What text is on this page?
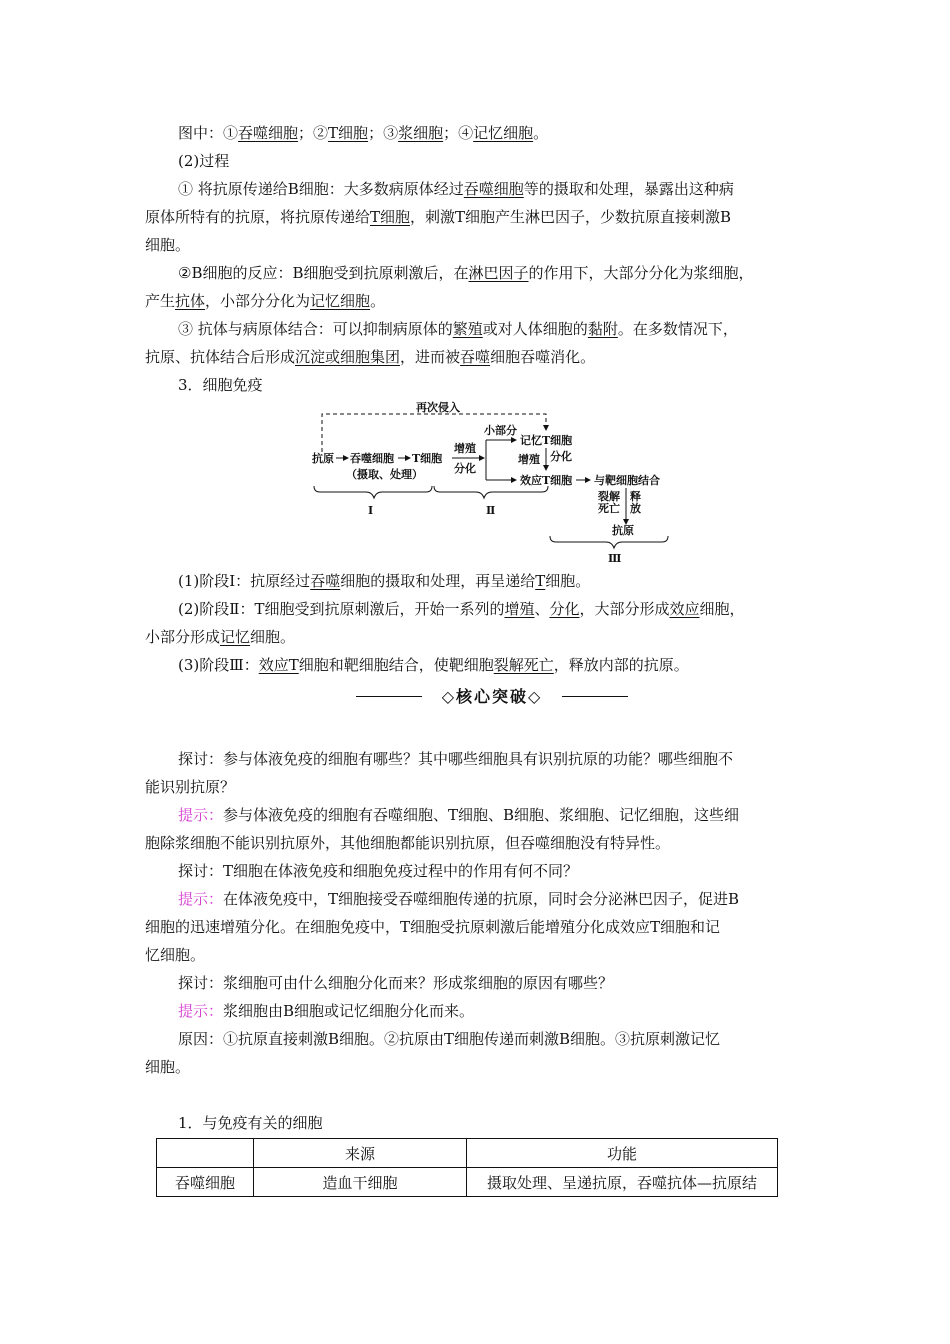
图中：①吞噬细胞；②T细胞；③浆细胞；④记忆细胞。
(2)过程
① 将抗原传递给B细胞：大多数病原体经过吞噬细胞等的摄取和处理，暴露出这种病
原体所特有的抗原，将抗原传递给T细胞，刺激T细胞产生淋巴因子，少数抗原直接刺激B
细胞。
②B细胞的反应：B细胞受到抗原刺激后，在淋巴因子的作用下，大部分分化为浆细胞，
产生抗体，小部分分化为记忆细胞。
③ 抗体与病原体结合：可以抑制病原体的繁殖或对人体细胞的黏附。在多数情况下，
抗原、抗体结合后形成沉淀或细胞集团，进而被吞噬细胞吞噬消化。
3．细胞免疫
再次侵入
抗原 吞噬细胞 T细胞
（摄取、处理）
增殖
分化
小部分
记忆T细胞
增殖 分化
效应T细胞 与靶细胞结合
裂解
死亡
释
放
抗原
Ⅰ	Ⅱ
Ⅲ
(1)阶段Ⅰ：抗原经过吞噬细胞的摄取和处理，再呈递给T细胞。
(2)阶段Ⅱ：T细胞受到抗原刺激后，开始一系列的增殖、分化，大部分形成效应细胞，
小部分形成记忆细胞。
(3)阶段Ⅲ：效应T细胞和靶细胞结合，使靶细胞裂解死亡，释放内部的抗原。
◇核心突破◇
探讨：参与体液免疫的细胞有哪些？其中哪些细胞具有识别抗原的功能？哪些细胞不
能识别抗原？
提示：参与体液免疫的细胞有吞噬细胞、T细胞、B细胞、浆细胞、记忆细胞，这些细
胞除浆细胞不能识别抗原外，其他细胞都能识别抗原，但吞噬细胞没有特异性。
探讨：T细胞在体液免疫和细胞免疫过程中的作用有何不同？
提示：在体液免疫中，T细胞接受吞噬细胞传递的抗原，同时会分泌淋巴因子，促进B
细胞的迅速增殖分化。在细胞免疫中，T细胞受抗原刺激后能增殖分化成效应T细胞和记
忆细胞。
探讨：浆细胞可由什么细胞分化而来？形成浆细胞的原因有哪些？
提示：浆细胞由B细胞或记忆细胞分化而来。
原因：①抗原直接刺激B细胞。②抗原由T细胞传递而刺激B细胞。③抗原刺激记忆
细胞。
1．与免疫有关的细胞
	来源	功能
吞噬细胞	造血干细胞	摄取处理、呈递抗原，吞噬抗体—抗原结
